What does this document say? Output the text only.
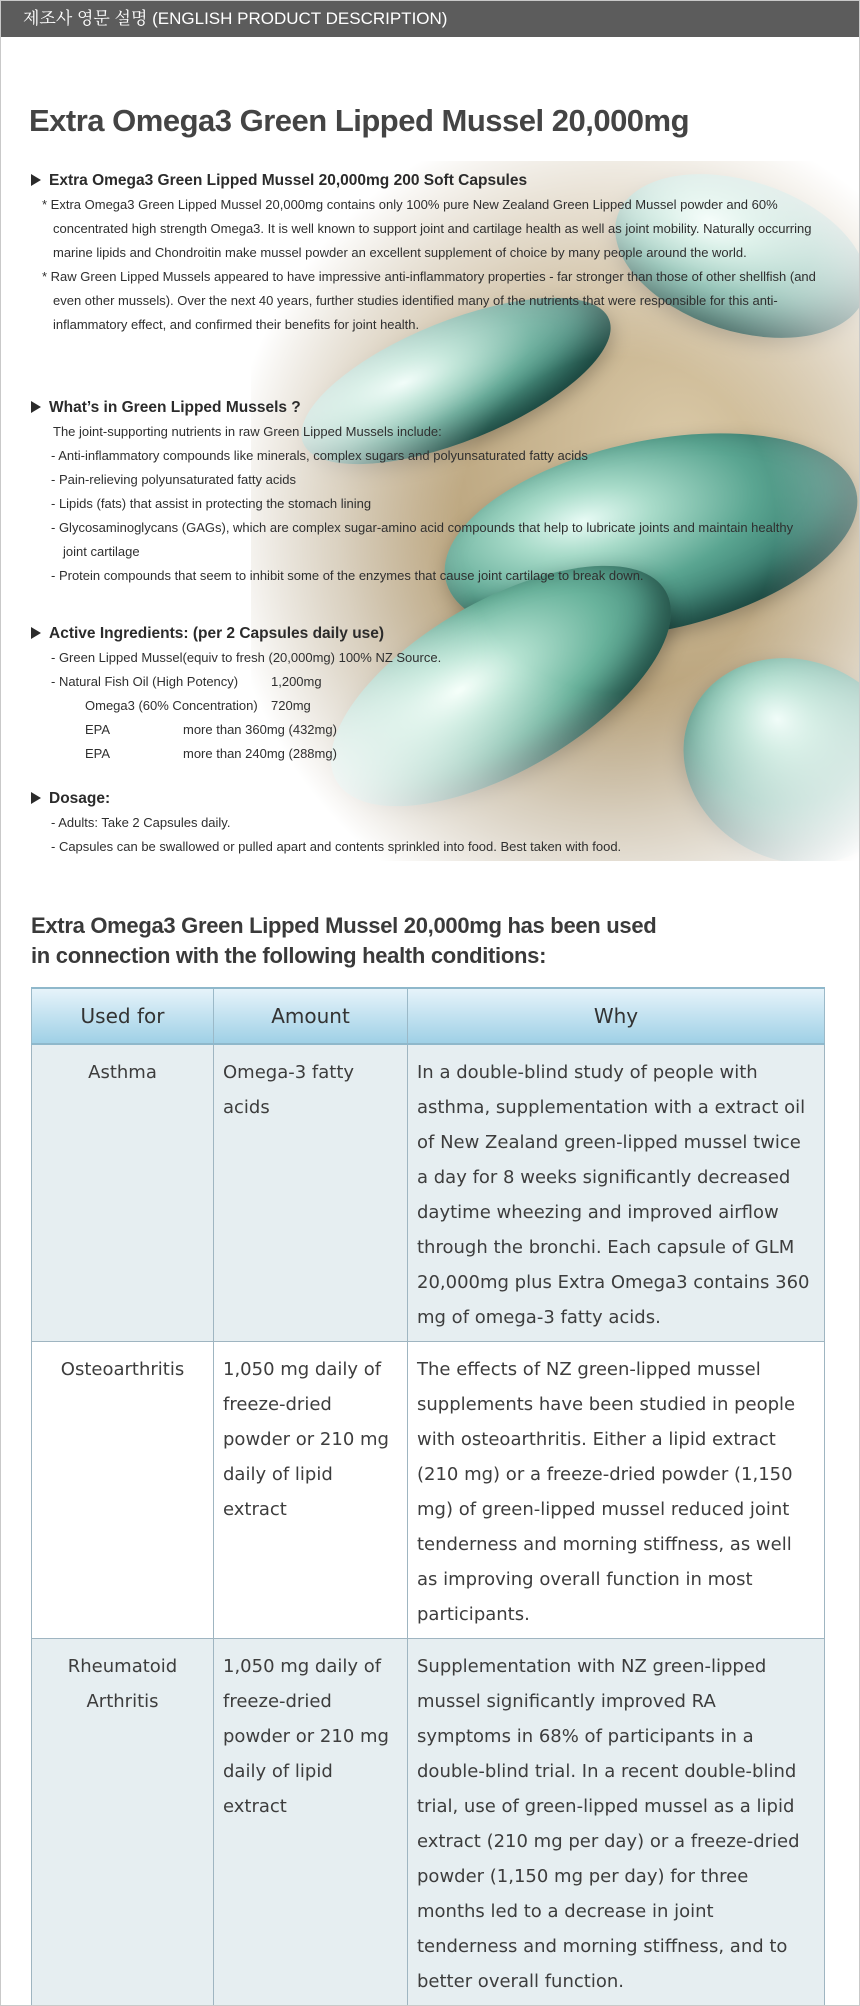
제조사 영문 설명 (ENGLISH PRODUCT DESCRIPTION)
Extra Omega3 Green Lipped Mussel 20,000mg
Extra Omega3 Green Lipped Mussel 20,000mg 200 Soft Capsules

* Extra Omega3 Green Lipped Mussel 20,000mg contains only 100% pure New Zealand Green Lipped Mussel powder and 60% concentrated high strength Omega3. It is well known to support joint and cartilage health as well as joint mobility. Naturally occurring marine lipids and Chondroitin make mussel powder an excellent supplement of choice by many people around the world.

* Raw Green Lipped Mussels appeared to have impressive anti-inflammatory properties - far stronger than those of other shellfish (and even other mussels). Over the next 40 years, further studies identified many of the nutrients that were responsible for this anti-inflammatory effect, and confirmed their benefits for joint health.

What’s in Green Lipped Mussels ?

The joint-supporting nutrients in raw Green Lipped Mussels include:

- Anti-inflammatory compounds like minerals, complex sugars and polyunsaturated fatty acids

- Pain-relieving polyunsaturated fatty acids

- Lipids (fats) that assist in protecting the stomach lining

- Glycosaminoglycans (GAGs), which are complex sugar-amino acid compounds that help to lubricate joints and maintain healthy joint cartilage

- Protein compounds that seem to inhibit some of the enzymes that cause joint cartilage to break down.

Active Ingredients: (per 2 Capsules daily use)

- Green Lipped Mussel(equiv to fresh (20,000mg) 100% NZ Source.

- Natural Fish Oil (High Potency)	1,200mg
Omega3 (60% Concentration)	720mg
EPA	more than 360mg (432mg)
EPA	more than 240mg (288mg)
Dosage:

- Adults: Take 2 Capsules daily.

- Capsules can be swallowed or pulled apart and contents sprinkled into food. Best taken with food.

Extra Omega3 Green Lipped Mussel 20,000mg has been used
in connection with the following health conditions:
Used for	Amount	Why
Asthma	Omega-3 fatty acids	In a double-blind study of people with asthma, supplementation with a extract oil of New Zealand green-lipped mussel twice a day for 8 weeks significantly decreased daytime wheezing and improved airflow through the bronchi. Each capsule of GLM 20,000mg plus Extra Omega3 contains 360 mg of omega-3 fatty acids.
Osteoarthritis	1,050 mg daily of freeze-dried powder or 210 mg daily of lipid extract	The effects of NZ green-lipped mussel supplements have been studied in people with osteoarthritis. Either a lipid extract (210 mg) or a freeze-dried powder (1,150 mg) of green-lipped mussel reduced joint tenderness and morning stiffness, as well as improving overall function in most participants.
Rheumatoid Arthritis	1,050 mg daily of freeze-dried powder or 210 mg daily of lipid extract	Supplementation with NZ green-lipped mussel significantly improved RA symptoms in 68% of participants in a double-blind trial. In a recent double-blind trial, use of green-lipped mussel as a lipid extract (210 mg per day) or a freeze-dried powder (1,150 mg per day) for three months led to a decrease in joint tenderness and morning stiffness, and to better overall function.
